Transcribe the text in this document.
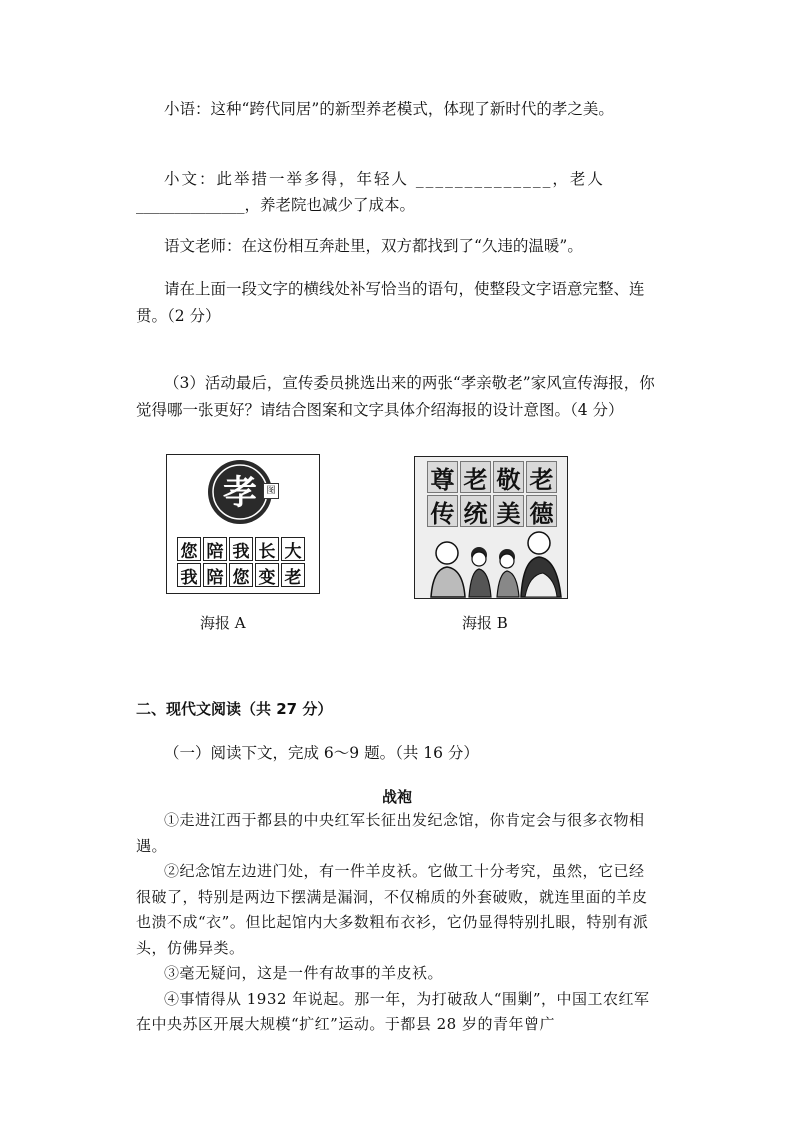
小语：这种“跨代同居”的新型养老模式，体现了新时代的孝之美。

小文：此举措一举多得，年轻人 ______________，老人

______________，养老院也减少了成本。

语文老师：在这份相互奔赴里，双方都找到了“久违的温暖”。

请在上面一段文字的横线处补写恰当的语句，使整段文字语意完整、连贯。（2 分）

（3）活动最后，宣传委员挑选出来的两张“孝亲敬老”家风宣传海报，你觉得哪一张更好？请结合图案和文字具体介绍海报的设计意图。（4 分）

孝	图
您 陪 我 长 大
我 陪 您 变 老
海报 A
尊 老 敬 老
传 统 美 德
海报 B
二、现代文阅读（共 27 分）
（一）阅读下文，完成 6～9 题。（共 16 分）
战袍

①走进江西于都县的中央红军长征出发纪念馆，你肯定会与很多衣物相遇。

②纪念馆左边进门处，有一件羊皮袄。它做工十分考究，虽然，它已经很破了，特别是两边下摆满是漏洞，不仅棉质的外套破败，就连里面的羊皮也溃不成“衣”。但比起馆内大多数粗布衣衫，它仍显得特别扎眼，特别有派头，仿佛异类。

③毫无疑问，这是一件有故事的羊皮袄。

④事情得从 1932 年说起。那一年，为打破敌人“围剿”，中国工农红军在中央苏区开展大规模“扩红”运动。于都县 28 岁的青年曾广
